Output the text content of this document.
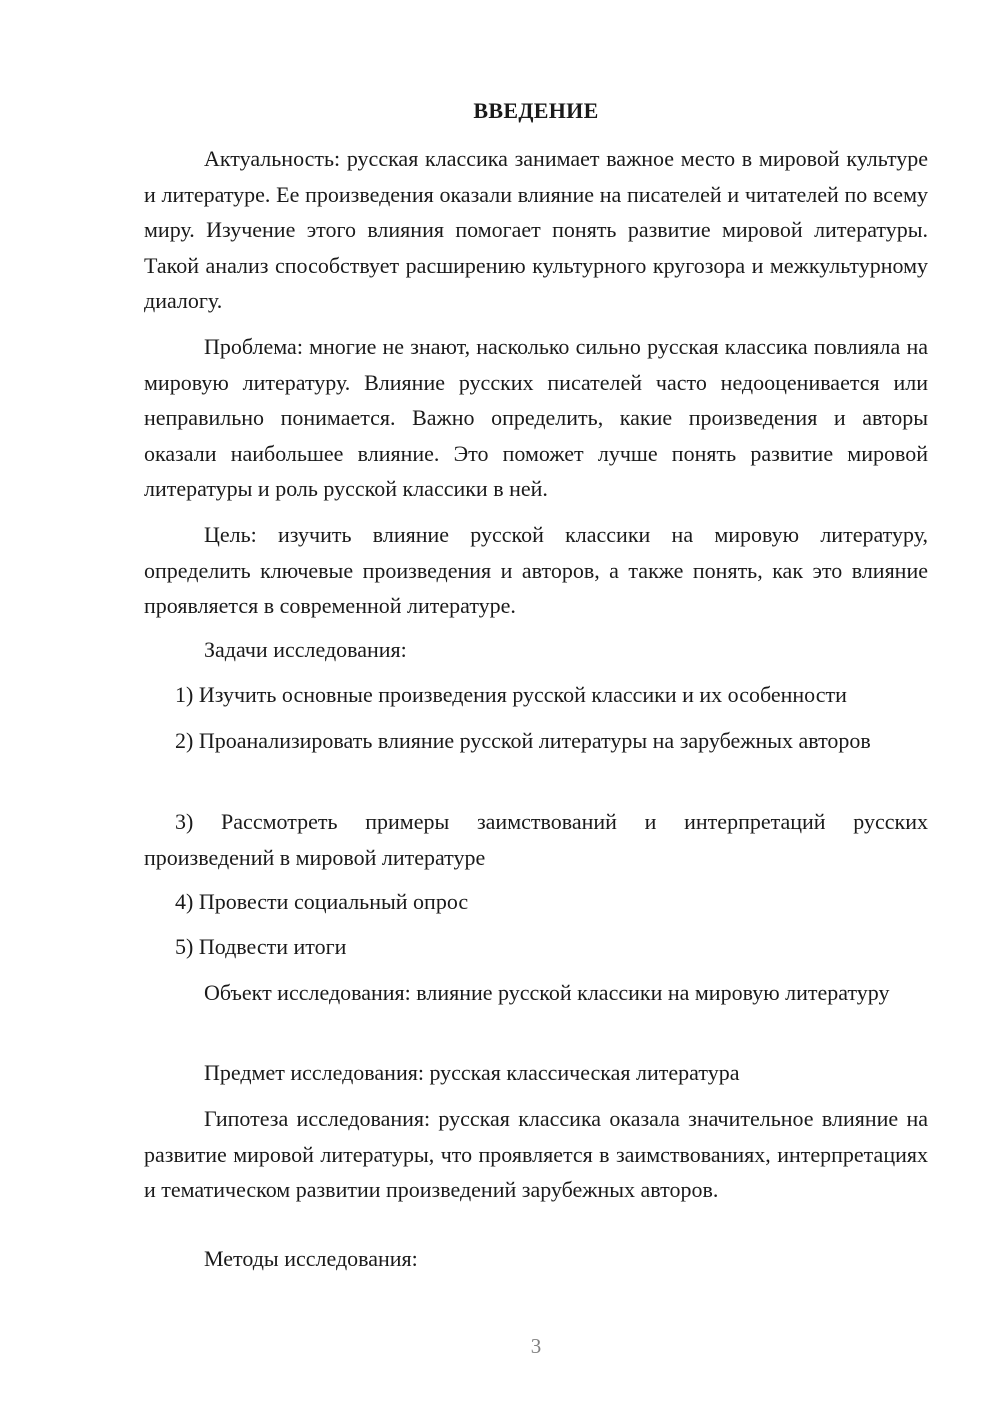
ВВЕДЕНИЕ

Актуальность: русская классика занимает важное место в мировой культуре и литературе. Ее произведения оказали влияние на писателей и читателей по всему миру. Изучение этого влияния помогает понять развитие мировой литературы. Такой анализ способствует расширению культурного кругозора и межкультурному диалогу.

Проблема: многие не знают, насколько сильно русская классика повлияла на мировую литературу. Влияние русских писателей часто недооценивается или неправильно понимается. Важно определить, какие произведения и авторы оказали наибольшее влияние. Это поможет лучше понять развитие мировой литературы и роль русской классики в ней.

Цель: изучить влияние русской классики на мировую литературу, определить ключевые произведения и авторов, а также понять, как это влияние проявляется в современной литературе.

Задачи исследования:

1) Изучить основные произведения русской классики и их особенности

2) Проанализировать влияние русской литературы на зарубежных авторов

3) Рассмотреть примеры заимствований и интерпретаций русских произведений в мировой литературе

4) Провести социальный опрос

5) Подвести итоги

Объект исследования: влияние русской классики на мировую литературу

Предмет исследования: русская классическая литература

Гипотеза исследования: русская классика оказала значительное влияние на развитие мировой литературы, что проявляется в заимствованиях, интерпретациях и тематическом развитии произведений зарубежных авторов.

Методы исследования:

3
